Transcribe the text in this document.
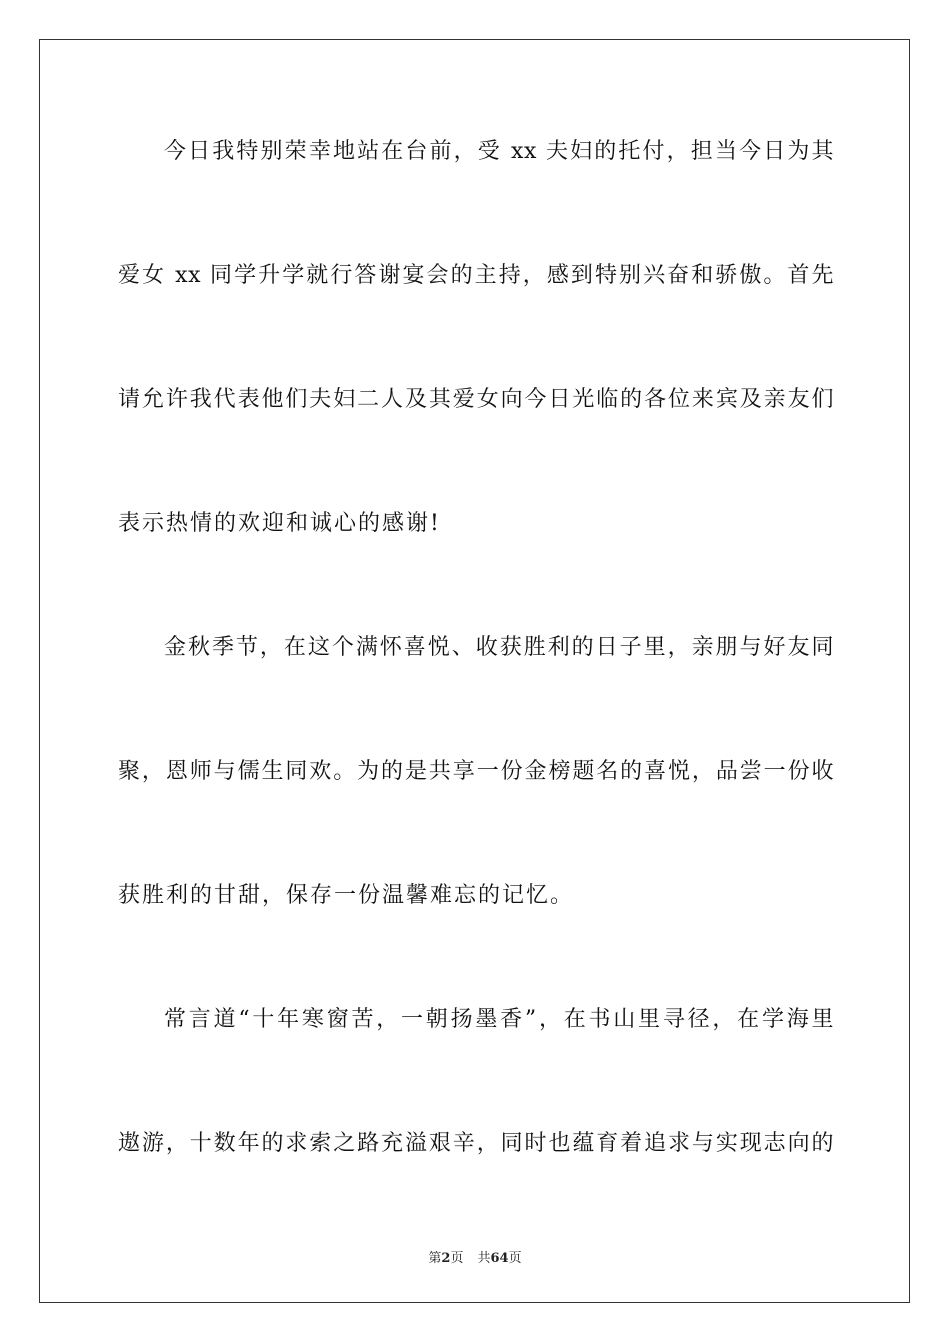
今日我特别荣幸地站在台前，受 xx 夫妇的托付，担当今日为其
爱女 xx 同学升学就行答谢宴会的主持，感到特别兴奋和骄傲。首先
请允许我代表他们夫妇二人及其爱女向今日光临的各位来宾及亲友们
表示热情的欢迎和诚心的感谢!
金秋季节，在这个满怀喜悦、收获胜利的日子里，亲朋与好友同
聚，恩师与儒生同欢。为的是共享一份金榜题名的喜悦，品尝一份收
获胜利的甘甜，保存一份温馨难忘的记忆。
常言道“十年寒窗苦，一朝扬墨香”，在书山里寻径，在学海里
遨游，十数年的求索之路充溢艰辛，同时也蕴育着追求与实现志向的
第2页 共64页
